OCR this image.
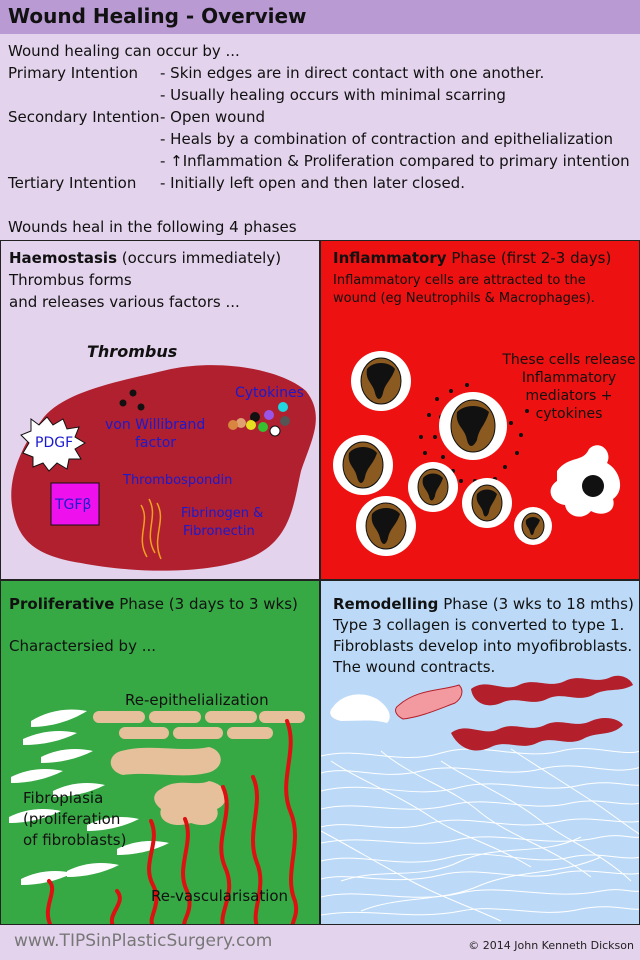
Wound Healing - Overview
Wound healing can occur by ...
Primary Intention - Skin edges are in direct contact with one another.
- Usually healing occurs with minimal scarring
Secondary Intention - Open wound
- Heals by a combination of contraction and epithelialization
- ↑Inflammation & Proliferation compared to primary intention
Tertiary Intention - Initially left open and then later closed.
Wounds heal in the following 4 phases
Haemostasis (occurs immediately)
Thrombus forms
and releases various factors ...
Thrombus
Cytokines
von Willibrand
factor
PDGF
TGFβ
Thrombospondin
Fibrinogen &
Fibronectin
Inflammatory Phase (first 2-3 days)
Inflammatory cells are attracted to the
wound (eg Neutrophils & Macrophages).
These cells release
Inflammatory
mediators +
cytokines
Proliferative Phase (3 days to 3 wks)
Charactersied by ...
Re-epithelialization
Fibroplasia
(proliferation
of fibroblasts)
Re-vascularisation
Remodelling Phase (3 wks to 18 mths)
Type 3 collagen is converted to type 1.
Fibroblasts develop into myofibroblasts.
The wound contracts.
www.TIPSinPlasticSurgery.com	© 2014 John Kenneth Dickson
